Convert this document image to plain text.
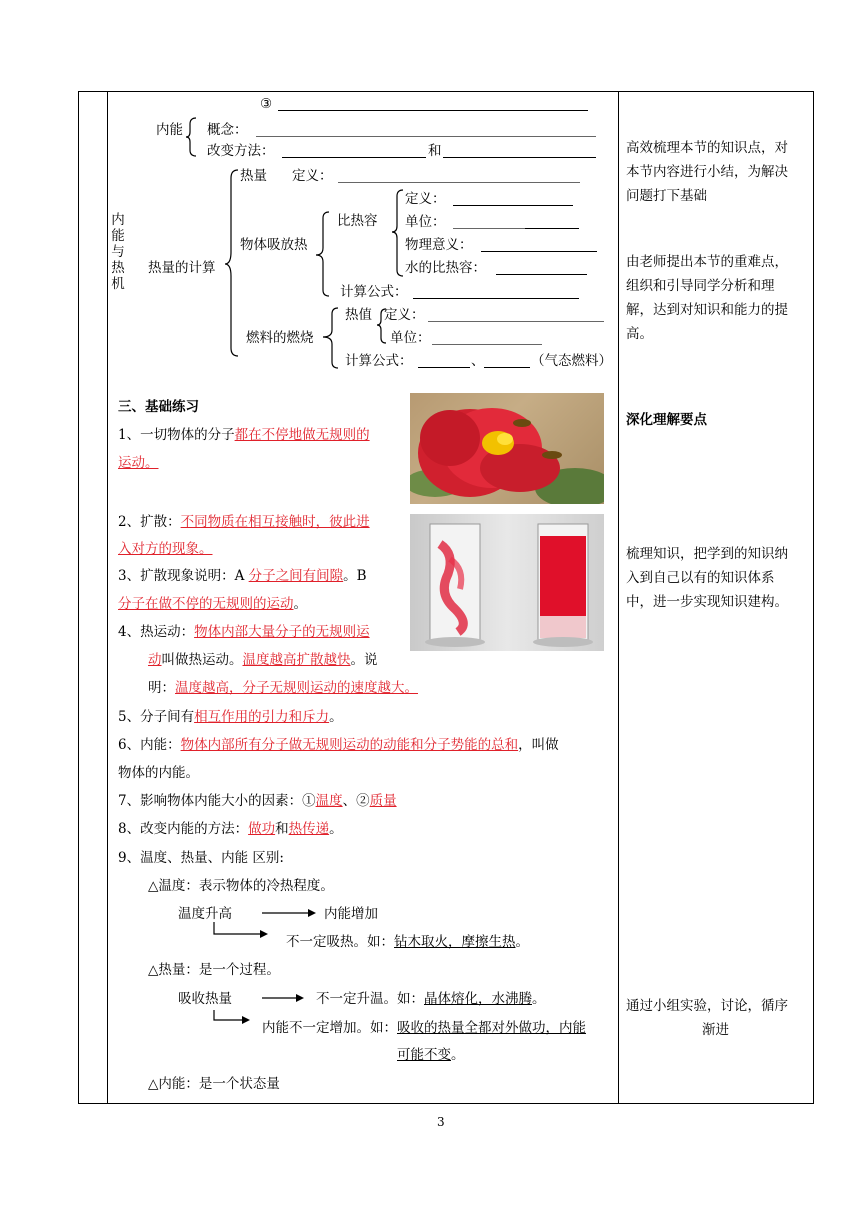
内
能
与
热
机
③
内能 概念：
改变方法：	和
热量的计算
热量 定义：
物体吸放热
比热容
定义：
单位：
物理意义：
水的比热容：
计算公式：
燃料的燃烧
热值 定义：
单位：
计算公式：	、	（气态燃料）
三、基础练习
1、一切物体的分子都在不停地做无规则的
运动。
2、扩散：不同物质在相互接触时，彼此进
入对方的现象。
3、扩散现象说明：A 分子之间有间隙。B
分子在做不停的无规则的运动。
4、热运动：物体内部大量分子的无规则运
动叫做热运动。温度越高扩散越快。说
明：温度越高，分子无规则运动的速度越大。
5、分子间有相互作用的引力和斥力。
6、内能：物体内部所有分子做无规则运动的动能和分子势能的总和，叫做
物体的内能。
7、影响物体内能大小的因素：①温度、②质量
8、改变内能的方法：做功和热传递。
9、温度、热量、内能 区别:
△温度：表示物体的冷热程度。
温度升高	内能增加
不一定吸热。如：钻木取火，摩擦生热。
△热量：是一个过程。
吸收热量	不一定升温。如：晶体熔化，水沸腾。
内能不一定增加。如：吸收的热量全都对外做功，内能
可能不变。
△内能：是一个状态量
高效梳理本节的知识点，对
本节内容进行小结，为解决
问题打下基础
由老师提出本节的重难点，
组织和引导同学分析和理
解，达到对知识和能力的提
高。
深化理解要点
梳理知识，把学到的知识纳
入到自己以有的知识体系
中，进一步实现知识建构。
通过小组实验，讨论，循序
渐进
3
